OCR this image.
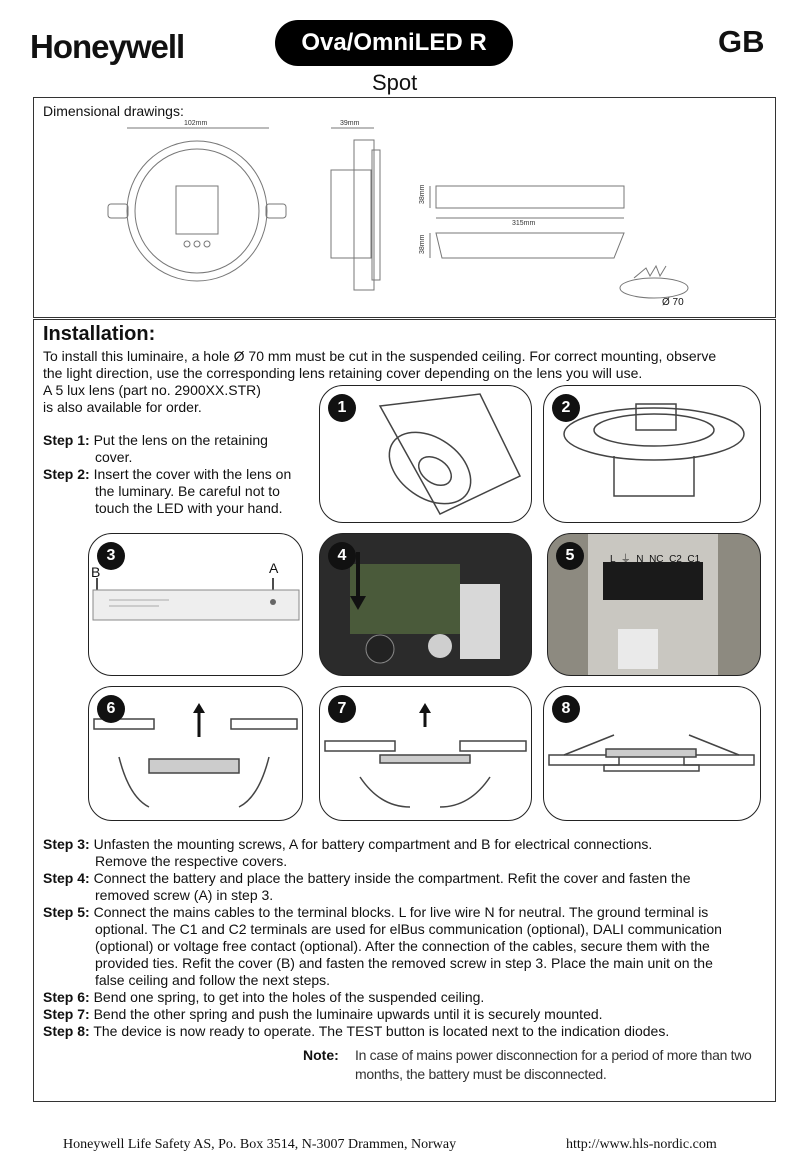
Honeywell	Ova/OmniLED R	GB
Spot
Dimensional drawings:
102mm	39mm
38mm
315mm
38mm
Ø 70
Installation:
To install this luminaire, a hole Ø 70 mm must be cut in the suspended ceiling. For correct mounting, observe
the light direction, use the corresponding lens retaining cover depending on the lens you will use.
A 5 lux lens (part no. 2900XX.STR)
is also available for order.
Step 1: Put the lens on the retaining
cover.
Step 2: Insert the cover with the lens on
the luminary. Be careful not to
touch the LED with your hand.
1	2
3
B	A
4	L  ⏚  N  NC  C2  C1
5
6	7	8
Step 3: Unfasten the mounting screws, A for battery compartment and B for electrical connections.
Remove the respective covers.
Step 4: Connect the battery and place the battery inside the compartment. Refit the cover and fasten the
removed screw (A) in step 3.
Step 5: Connect the mains cables to the terminal blocks. L for live wire N for neutral. The ground terminal is
optional. The C1 and C2 terminals are used for elBus communication (optional), DALI communication
(optional) or voltage free contact (optional). After the connection of the cables, secure them with the
provided ties. Refit the cover (B) and fasten the removed screw in step 3. Place the main unit on the
false ceiling and follow the next steps.
Step 6: Bend one spring, to get into the holes of the suspended ceiling.
Step 7: Bend the other spring and push the luminaire upwards until it is securely mounted.
Step 8: The device is now ready to operate. The TEST button is located next to the indication diodes.
Note: In case of mains power disconnection for a period of more than two
months, the battery must be disconnected.
Honeywell Life Safety AS, Po. Box 3514, N-3007 Drammen, Norway	http://www.hls-nordic.com
